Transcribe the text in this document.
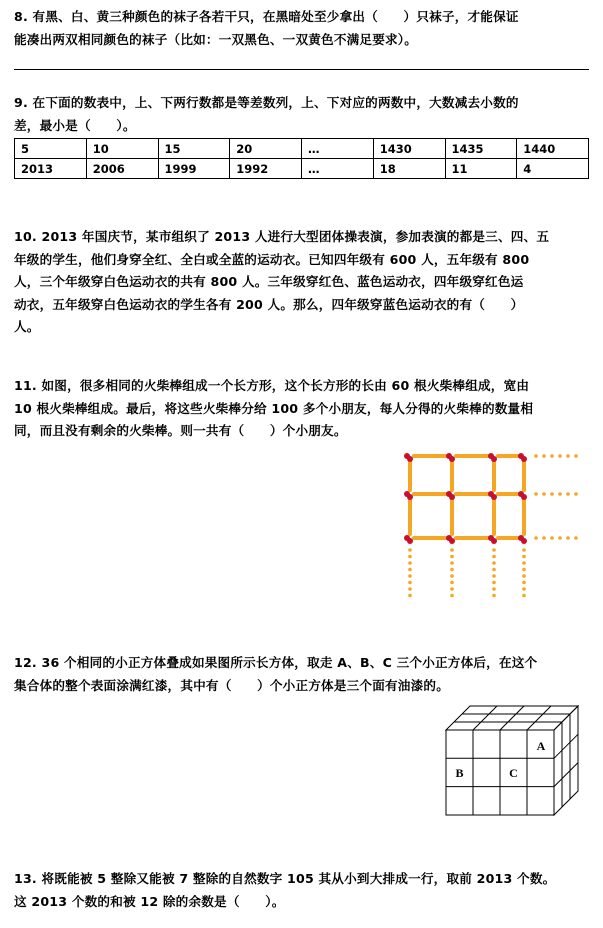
8. 有黑、白、黄三种颜色的袜子各若干只，在黑暗处至少拿出（　　）只袜子，才能保证
能凑出两双相同颜色的袜子（比如：一双黑色、一双黄色不满足要求）。
9. 在下面的数表中，上、下两行数都是等差数列，上、下对应的两数中，大数减去小数的
差，最小是（　　）。
5	10	15	20	…	1430	1435	1440
2013	2006	1999	1992	…	18	11	4
10. 2013 年国庆节，某市组织了 2013 人进行大型团体操表演，参加表演的都是三、四、五
年级的学生，他们身穿全红、全白或全蓝的运动衣。已知四年级有 600 人，五年级有 800
人，三个年级穿白色运动衣的共有 800 人。三年级穿红色、蓝色运动衣，四年级穿红色运
动衣，五年级穿白色运动衣的学生各有 200 人。那么，四年级穿蓝色运动衣的有（　　）
人。
11. 如图，很多相同的火柴棒组成一个长方形，这个长方形的长由 60 根火柴棒组成，宽由
10 根火柴棒组成。最后，将这些火柴棒分给 100 多个小朋友，每人分得的火柴棒的数量相
同，而且没有剩余的火柴棒。则一共有（　　）个小朋友。
12. 36 个相同的小正方体叠成如果图所示长方体，取走 A、B、C 三个小正方体后，在这个
集合体的整个表面涂满红漆，其中有（　　）个小正方体是三个面有油漆的。
A
B	C
13. 将既能被 5 整除又能被 7 整除的自然数字 105 其从小到大排成一行，取前 2013 个数。
这 2013 个数的和被 12 除的余数是（　　）。
